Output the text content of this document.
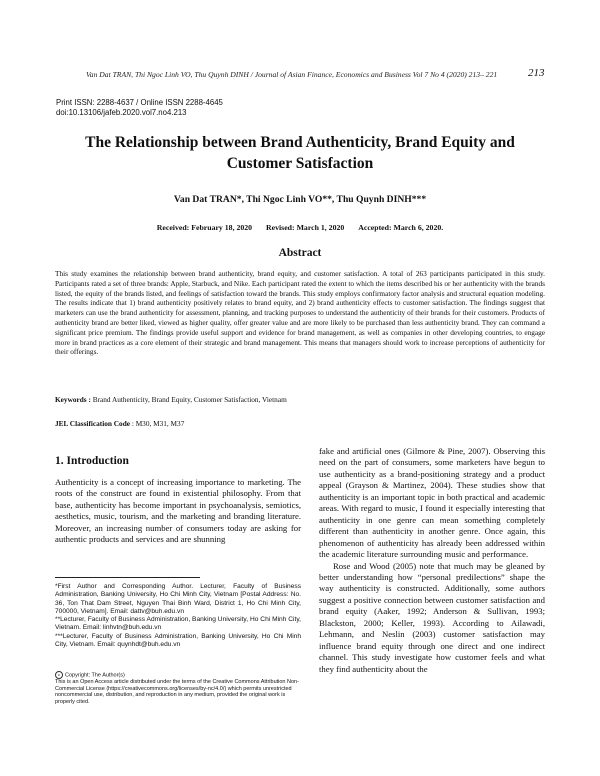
Van Dat TRAN, Thi Ngoc Linh VO, Thu Quynh DINH / Journal of Asian Finance, Economics and Business Vol 7 No 4 (2020) 213– 221	213
Print ISSN: 2288-4637 / Online ISSN 2288-4645
doi:10.13106/jafeb.2020.vol7.no4.213
The Relationship between Brand Authenticity, Brand Equity and Customer Satisfaction
Van Dat TRAN*, Thi Ngoc Linh VO**, Thu Quynh DINH***
Received: February 18, 2020 Revised: March 1, 2020 Accepted: March 6, 2020.
Abstract
This study examines the relationship between brand authenticity, brand equity, and customer satisfaction. A total of 263 participants participated in this study. Participants rated a set of three brands: Apple, Starbuck, and Nike. Each participant rated the extent to which the items described his or her authenticity with the brands listed, the equity of the brands listed, and feelings of satisfaction toward the brands. This study employs confirmatory factor analysis and structural equation modeling. The results indicate that 1) brand authenticity positively relates to brand equity, and 2) brand authenticity effects to customer satisfaction. The findings suggest that marketers can use the brand authenticity for assessment, planning, and tracking purposes to understand the authenticity of their brands for their customers. Products of authenticity brand are better liked, viewed as higher quality, offer greater value and are more likely to be purchased than less authenticity brand. They can command a significant price premium. The findings provide useful support and evidence for brand management, as well as companies in other developing countries, to engage more in brand practices as a core element of their strategic and brand management. This means that managers should work to increase perceptions of authenticity for their offerings.
Keywords : Brand Authenticity, Brand Equity, Customer Satisfaction, Vietnam
JEL Classification Code : M30, M31, M37
1. Introduction
Authenticity is a concept of increasing importance to marketing. The roots of the construct are found in existential philosophy. From that base, authenticity has become important in psychoanalysis, semiotics, aesthetics, music, tourism, and the marketing and branding literature. Moreover, an increasing number of consumers today are asking for authentic products and services and are shunning

*First Author and Corresponding Author. Lecturer, Faculty of Business Administration, Banking University, Ho Chi Minh City, Vietnam [Postal Address: No. 36, Ton That Dam Street, Nguyen Thai Binh Ward, District 1, Ho Chi Minh City, 700000, Vietnam]. Email: dattv@buh.edu.vn

**Lecturer, Faculty of Business Administration, Banking University, Ho Chi Minh City, Vietnam. Email: linhvtn@buh.edu.vn

***Lecturer, Faculty of Business Administration, Banking University, Ho Chi Minh City, Vietnam. Email: quynhdt@buh.edu.vn

c Copyright: The Author(s)
This is an Open Access article distributed under the terms of the Creative Commons Attribution Non-Commercial License (https://creativecommons.org/licenses/by-nc/4.0/) which permits unrestricted noncommercial use, distribution, and reproduction in any medium, provided the original work is properly cited.

fake and artificial ones (Gilmore & Pine, 2007). Observing this need on the part of consumers, some marketers have begun to use authenticity as a brand-positioning strategy and a product appeal (Grayson & Martinez, 2004). These studies show that authenticity is an important topic in both practical and academic areas. With regard to music, I found it especially interesting that authenticity in one genre can mean something completely different than authenticity in another genre. Once again, this phenomenon of authenticity has already been addressed within the academic literature surrounding music and performance.

Rose and Wood (2005) note that much may be gleaned by better understanding how “personal predilections” shape the way authenticity is constructed. Additionally, some authors suggest a positive connection between customer satisfaction and brand equity (Aaker, 1992; Anderson & Sullivan, 1993; Blackston, 2000; Keller, 1993). According to Ailawadi, Lehmann, and Neslin (2003) customer satisfaction may influence brand equity through one direct and one indirect channel. This study investigate how customer feels and what they find authenticity about the
